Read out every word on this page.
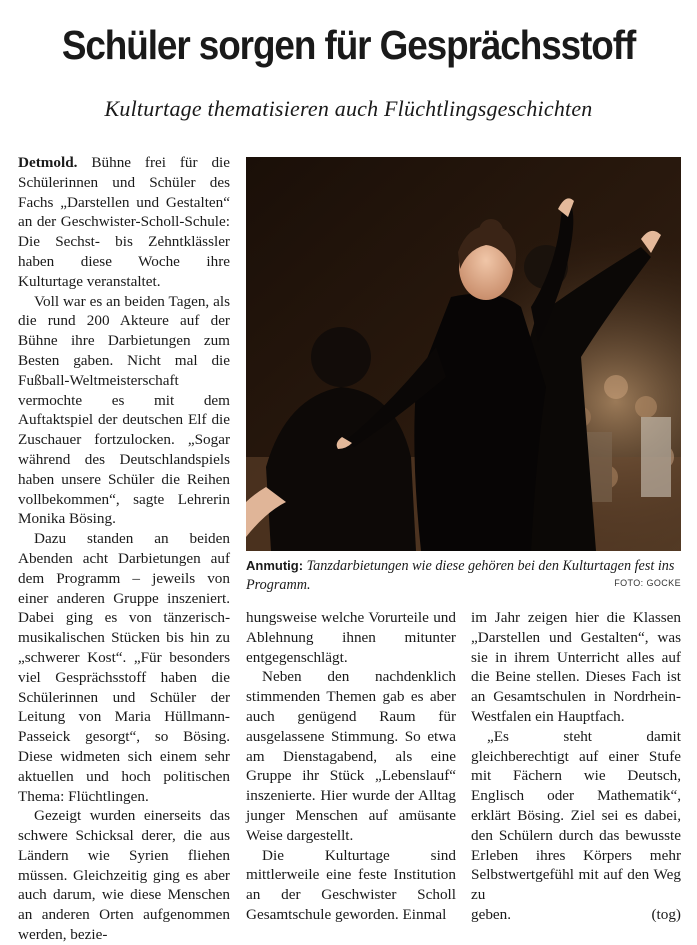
Schüler sorgen für Gesprächsstoff
Kulturtage thematisieren auch Flüchtlingsgeschichten

Detmold. Bühne frei für die Schülerinnen und Schüler des Fachs „Darstellen und Gestalten“ an der Geschwister-Scholl-Schule: Die Sechst- bis Zehntklässler haben diese Woche ihre Kulturtage veranstaltet.

Voll war es an beiden Tagen, als die rund 200 Akteure auf der Bühne ihre Darbietungen zum Besten gaben. Nicht mal die Fußball-Weltmeisterschaft vermochte es mit dem Auftaktspiel der deutschen Elf die Zuschauer fortzulocken. „Sogar während des Deutschlandspiels haben unsere Schüler die Reihen vollbekommen“, sagte Lehrerin Monika Bösing.

Dazu standen an beiden Abenden acht Darbietungen auf dem Programm – jeweils von einer anderen Gruppe inszeniert. Dabei ging es von tänzerisch-musikalischen Stücken bis hin zu „schwerer Kost“. „Für besonders viel Gesprächsstoff haben die Schülerinnen und Schüler der Leitung von Maria Hüllmann-Passeick gesorgt“, so Bösing. Diese widmeten sich einem sehr aktuellen und hoch politischen Thema: Flüchtlingen.

Gezeigt wurden einerseits das schwere Schicksal derer, die aus Ländern wie Syrien fliehen müssen. Gleichzeitig ging es aber auch darum, wie diese Menschen an anderen Orten aufgenommen werden, bezie-

Anmutig: Tanzdarbietungen wie diese gehören bei den Kulturtagen fest ins Programm.	FOTO: GOCKE

hungsweise welche Vorurteile und Ablehnung ihnen mitunter entgegenschlägt.

Neben den nachdenklich stimmenden Themen gab es aber auch genügend Raum für ausgelassene Stimmung. So etwa am Dienstagabend, als eine Gruppe ihr Stück „Lebenslauf“ inszenierte. Hier wurde der Alltag junger Menschen auf amüsante Weise dargestellt.

Die Kulturtage sind mittlerweile eine feste Institution an der Geschwister Scholl Gesamtschule geworden. Einmal

im Jahr zeigen hier die Klassen „Darstellen und Gestalten“, was sie in ihrem Unterricht alles auf die Beine stellen. Dieses Fach ist an Gesamtschulen in Nordrhein-Westfalen ein Hauptfach.

„Es steht damit gleichberechtigt auf einer Stufe mit Fächern wie Deutsch, Englisch oder Mathematik“, erklärt Bösing. Ziel sei es dabei, den Schülern durch das bewusste Erleben ihres Körpers mehr Selbstwertgefühl mit auf den Weg zu

geben.	(tog)
